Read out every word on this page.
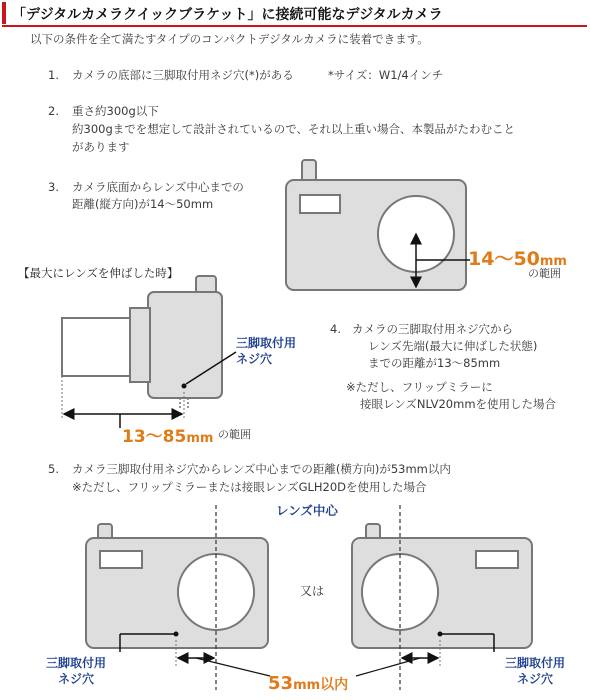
「デジタルカメラクイックブラケット」に接続可能なデジタルカメラ
以下の条件を全て満たすタイプのコンパクトデジタルカメラに装着できます。
1. カメラの底部に三脚取付用ネジ穴(*)がある	*サイズ：W1/4インチ
2. 重さ約300g以下
約300gまでを想定して設計されているので、それ以上重い場合、本製品がたわむこと
があります
3. カメラ底面からレンズ中心までの
距離(縦方向)が14～50mm
4. カメラの三脚取付用ネジ穴から
レンズ先端(最大に伸ばした状態)
までの距離が13～85mm
※ただし、フリップミラーに
接眼レンズNLV20mmを使用した場合
5. カメラ三脚取付用ネジ穴からレンズ中心までの距離(横方向)が53mm以内
※ただし、フリップミラーまたは接眼レンズGLH20Dを使用した場合
14～50mm
の範囲
【最大にレンズを伸ばした時】
三脚取付用
ネジ穴
13～85mm の範囲
レンズ中心
又は
三脚取付用
ネジ穴
三脚取付用
ネジ穴
53mm以内
